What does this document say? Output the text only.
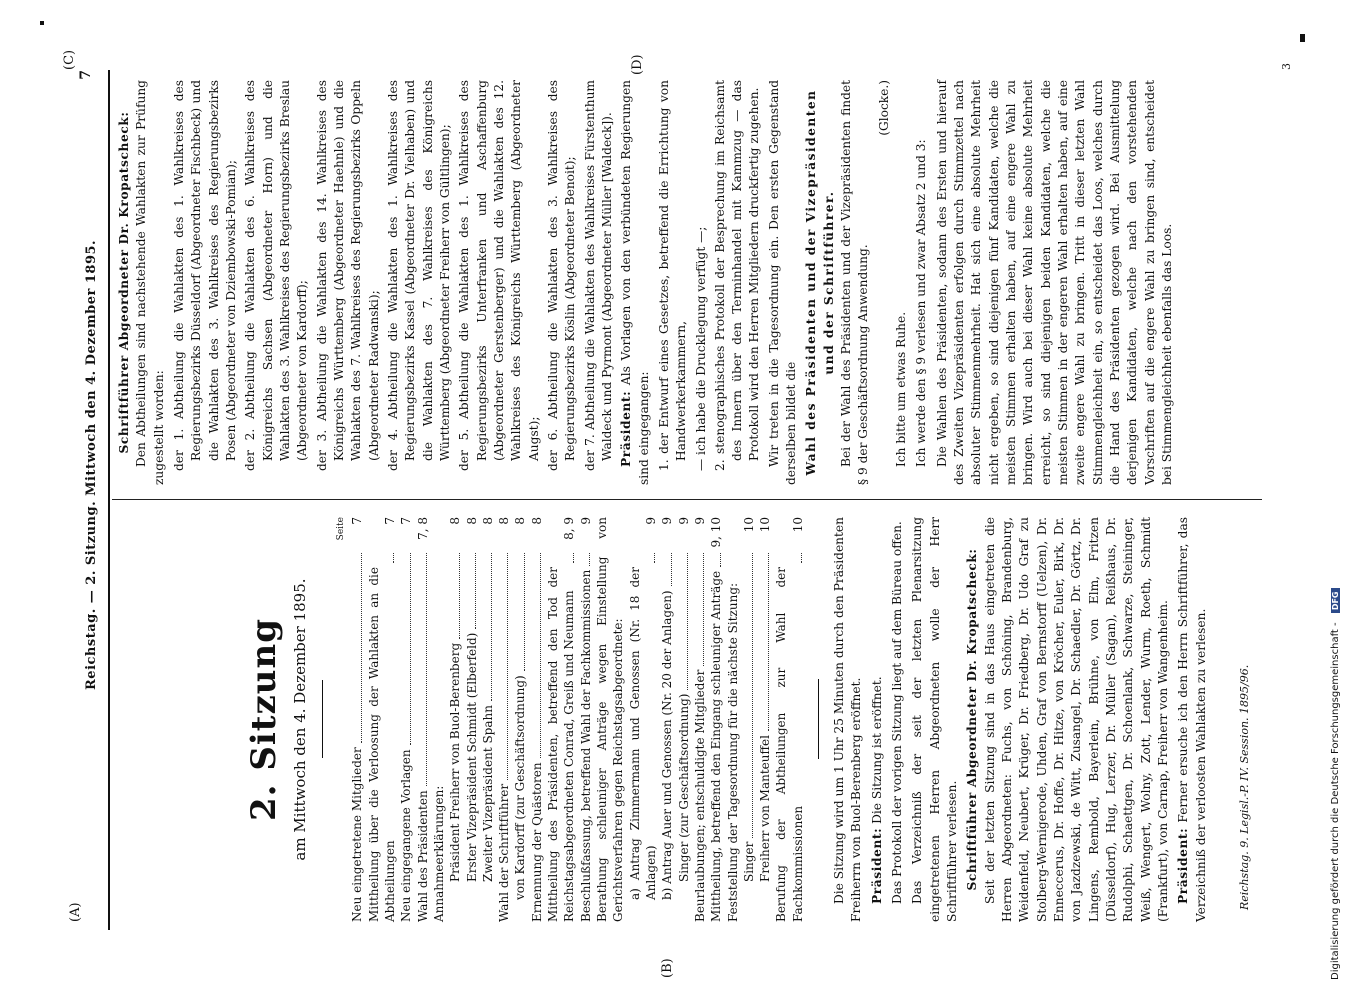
Reichstag. — 2. Sitzung. Mittwoch den 4. Dezember 1895.
7
(A)
(B)
(C)	(D)
2. Sitzung am Mittwoch den 4. Dezember 1895.
Seite
Neu eingetretene Mitglieder
7
Mittheilung über die Verloosung der Wahlakten an die Abtheilungen
7
Neu eingegangene Vorlagen
7
Wahl des Präsidenten
7, 8
Annahmeerklärungen: Präsident Freiherr von Buol-Berenberg
8
Erster Vizepräsident Schmidt (Elberfeld)
8
Zweiter Vizepräsident Spahn
8
Wahl der Schriftführer
8
von Kardorff (zur Geschäftsordnung)
8
Ernennung der Quästoren
8
Mittheilung des Präsidenten, betreffend den Tod der Reichstagsabgeordneten Conrad, Greiß und Neumann
8, 9
Beschlußfassung, betreffend Wahl der Fachkommissionen
9 Berathung schleuniger Anträge wegen Einstellung von Gerichtsverfahren gegen Reichstagsabgeordnete: a) Antrag Zimmermann und Genossen (Nr. 18 der Anlagen)
9
b) Antrag Auer und Genossen (Nr. 20 der Anlagen)
9
Singer (zur Geschäftsordnung)
9
Beurlaubungen; entschuldigte Mitglieder
9
Mittheilung, betreffend den Eingang schleuniger Anträge
9, 10
Feststellung der Tagesordnung für die nächste Sitzung: Singer
10
Freiherr von Manteuffel
10
Berufung der Abtheilungen zur Wahl der Fachkommissionen
10 Die Sitzung wird um 1 Uhr 25 Minuten durch den Präsidenten Freiherrn von Buol-Berenberg eröffnet. Präsident: Die Sitzung ist eröffnet. Das Protokoll der vorigen Sitzung liegt auf dem Büreau offen. Das Verzeichniß der seit der letzten Plenarsitzung eingetretenen Herren Abgeordneten wolle der Herr Schriftführer verlesen. Schriftführer Abgeordneter Dr. Kropatscheck: Seit der letzten Sitzung sind in das Haus eingetreten die Herren Abgeordneten: Fuchs, von Schöning, Brandenburg, Weidenfeld, Neubert, Krüger, Dr. Friedberg, Dr. Udo Graf zu Stolberg-Wernigerode, Uhden, Graf von Bernstorff (Uelzen), Dr. Enneccerus, Dr. Hoffe, Dr. Hitze, von Kröcher, Euler, Birk, Dr. von Jazdzewski, de Witt, Zusangel, Dr. Schaedler, Dr. Görtz, Dr. Lingens, Rembold, Bayerlein, Brühne, von Elm, Fritzen (Düsseldorf), Hug, Lerzer, Dr. Müller (Sagan), Reißhaus, Dr. Rudolphi, Schaettgen, Dr. Schoenlank, Schwarze, Steininger, Weiß, Wengert, Wolny, Zott, Lender, Wurm, Roeth, Schmidt (Frankfurt), von Carnap, Freiherr von Wangenheim. Präsident: Ferner ersuche ich den Herrn Schriftführer, das Verzeichniß der verloosten Wahlakten zu verlesen.	Reichstag. 9. Legisl.-P. IV. Session. 1895/96.
3

Schriftführer Abgeordneter Dr. Kropatscheck: Den Abtheilungen sind nachstehende Wahlakten zur Prüfung zugestellt worden: der 1. Abtheilung die Wahlakten des 1. Wahlkreises des Regierungsbezirks Düsseldorf (Abgeordneter Fischbeck) und die Wahlakten des 3. Wahlkreises des Regierungsbezirks Posen (Abgeordneter von Dziembowski-Pomian); der 2. Abtheilung die Wahlakten des 6. Wahlkreises des Königreichs Sachsen (Abgeordneter Horn) und die Wahlakten des 3. Wahlkreises des Regierungsbezirks Breslau (Abgeordneter von Kardorff); der 3. Abtheilung die Wahlakten des 14. Wahlkreises des Königreichs Württemberg (Abgeordneter Haehnle) und die Wahlakten des 7. Wahlkreises des Regierungsbezirks Oppeln (Abgeordneter Radwanski); der 4. Abtheilung die Wahlakten des 1. Wahlkreises des Regierungsbezirks Kassel (Abgeordneter Dr. Vielhaben) und die Wahlakten des 7. Wahlkreises des Königreichs Württemberg (Abgeordneter Freiherr von Gültlingen); der 5. Abtheilung die Wahlakten des 1. Wahlkreises des Regierungsbezirks Unterfranken und Aschaffenburg (Abgeordneter Gerstenberger) und die Wahlakten des 12. Wahlkreises des Königreichs Württemberg (Abgeordneter Augst); der 6. Abtheilung die Wahlakten des 3. Wahlkreises des Regierungsbezirks Köslin (Abgeordneter Benoit); der 7. Abtheilung die Wahlakten des Wahlkreises Fürstenthum Waldeck und Pyrmont (Abgeordneter Müller [Waldeck]). Präsident: Als Vorlagen von den verbündeten Regierungen sind eingegangen: 1. der Entwurf eines Gesetzes, betreffend die Errichtung von Handwerkerkammern, — ich habe die Drucklegung verfügt —; 2. stenographisches Protokoll der Besprechung im Reichsamt des Innern über den Terminhandel mit Kammzug — das Protokoll wird den Herren Mitgliedern druckfertig zugehen. Wir treten in die Tagesordnung ein. Den ersten Gegenstand derselben bildet die Wahl des Präsidenten und der Vizepräsidenten und der Schriftführer. Bei der Wahl des Präsidenten und der Vizepräsidenten findet § 9 der Geschäftsordnung Anwendung.

(Glocke.)

Ich bitte um etwas Ruhe. Ich werde den § 9 verlesen und zwar Absatz 2 und 3: Die Wahlen des Präsidenten, sodann des Ersten und hierauf des Zweiten Vizepräsidenten erfolgen durch Stimmzettel nach absoluter Stimmenmehrheit. Hat sich eine absolute Mehrheit nicht ergeben, so sind diejenigen fünf Kandidaten, welche die meisten Stimmen erhalten haben, auf eine engere Wahl zu bringen. Wird auch bei dieser Wahl keine absolute Mehrheit erreicht, so sind diejenigen beiden Kandidaten, welche die meisten Stimmen in der engeren Wahl erhalten haben, auf eine zweite engere Wahl zu bringen. Tritt in dieser letzten Wahl Stimmengleichheit ein, so entscheidet das Loos, welches durch die Hand des Präsidenten gezogen wird. Bei Ausmittelung derjenigen Kandidaten, welche nach den vorstehenden Vorschriften auf die engere Wahl zu bringen sind, entscheidet bei Stimmengleichheit ebenfalls das Loos.

Digitalisierung gefördert durch die Deutsche Forschungsgemeinschaft - DFG
